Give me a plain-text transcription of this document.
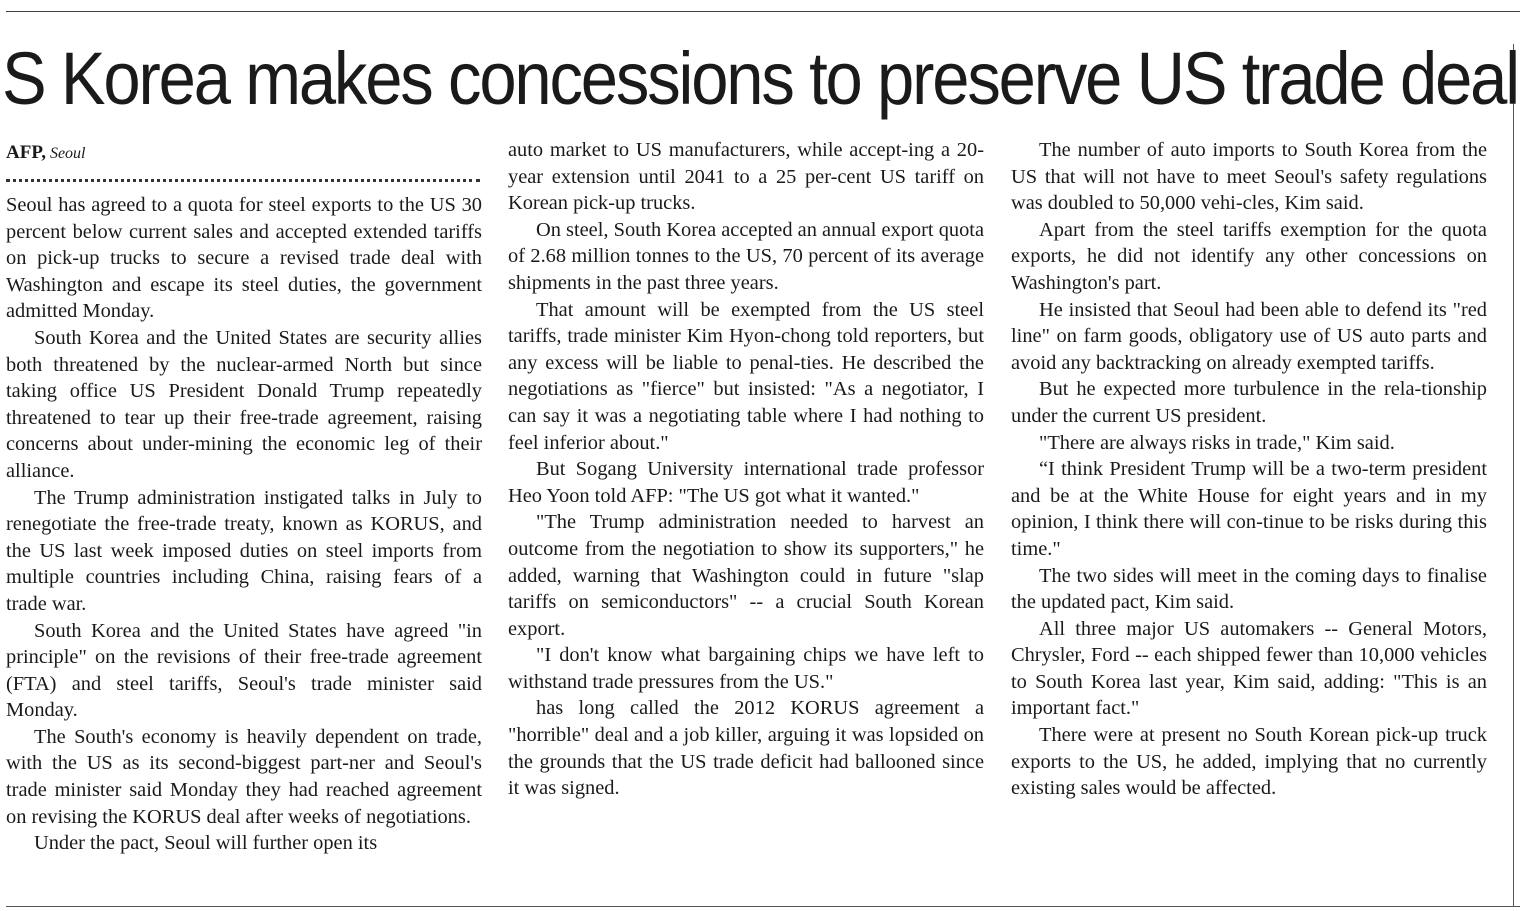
S Korea makes concessions to preserve US trade deal
AFP, Seoul

Seoul has agreed to a quota for steel exports to the US 30 percent below current sales and accepted extended tariffs on pick-up trucks to secure a revised trade deal with Washington and escape its steel duties, the government admitted Monday.

South Korea and the United States are security allies both threatened by the nuclear-armed North but since taking office US President Donald Trump repeatedly threatened to tear up their free-trade agreement, raising concerns about under-mining the economic leg of their alliance.

The Trump administration instigated talks in July to renegotiate the free-trade treaty, known as KORUS, and the US last week imposed duties on steel imports from multiple countries including China, raising fears of a trade war.

South Korea and the United States have agreed "in principle" on the revisions of their free-trade agreement (FTA) and steel tariffs, Seoul's trade minister said Monday.

The South's economy is heavily dependent on trade, with the US as its second-biggest part-ner and Seoul's trade minister said Monday they had reached agreement on revising the KORUS deal after weeks of negotiations.

Under the pact, Seoul will further open its

auto market to US manufacturers, while accept-ing a 20-year extension until 2041 to a 25 per-cent US tariff on Korean pick-up trucks.

On steel, South Korea accepted an annual export quota of 2.68 million tonnes to the US, 70 percent of its average shipments in the past three years.

That amount will be exempted from the US steel tariffs, trade minister Kim Hyon-chong told reporters, but any excess will be liable to penal-ties. He described the negotiations as "fierce" but insisted: "As a negotiator, I can say it was a negotiating table where I had nothing to feel inferior about."

But Sogang University international trade professor Heo Yoon told AFP: "The US got what it wanted."

"The Trump administration needed to harvest an outcome from the negotiation to show its supporters," he added, warning that Washington could in future "slap tariffs on semiconductors" -- a crucial South Korean export.

"I don't know what bargaining chips we have left to withstand trade pressures from the US."

has long called the 2012 KORUS agreement a "horrible" deal and a job killer, arguing it was lopsided on the grounds that the US trade deficit had ballooned since it was signed.

The number of auto imports to South Korea from the US that will not have to meet Seoul's safety regulations was doubled to 50,000 vehi-cles, Kim said.

Apart from the steel tariffs exemption for the quota exports, he did not identify any other concessions on Washington's part.

He insisted that Seoul had been able to defend its "red line" on farm goods, obligatory use of US auto parts and avoid any backtracking on already exempted tariffs.

But he expected more turbulence in the rela-tionship under the current US president.

"There are always risks in trade," Kim said.

“I think President Trump will be a two-term president and be at the White House for eight years and in my opinion, I think there will con-tinue to be risks during this time."

The two sides will meet in the coming days to finalise the updated pact, Kim said.

All three major US automakers -- General Motors, Chrysler, Ford -- each shipped fewer than 10,000 vehicles to South Korea last year, Kim said, adding: "This is an important fact."

There were at present no South Korean pick-up truck exports to the US, he added, implying that no currently existing sales would be affected.
